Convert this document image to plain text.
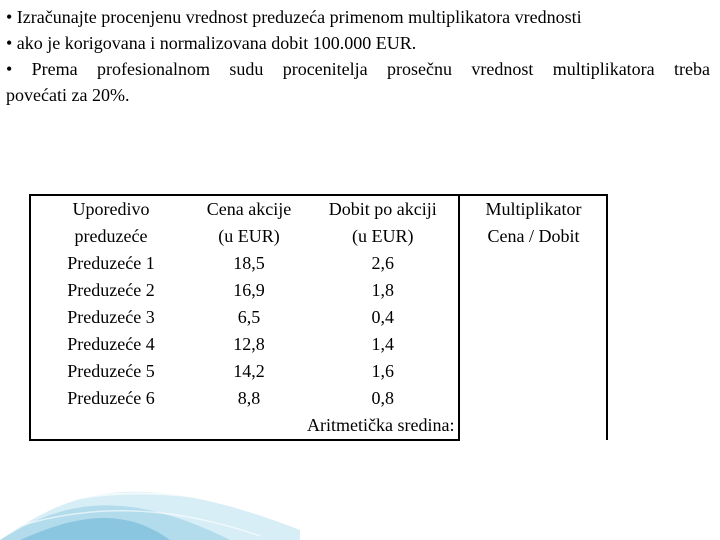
• Izračunajte procenjenu vrednost preduzeća primenom multiplikatora vrednosti

• ako je korigovana i normalizovana dobit 100.000 EUR.

• Prema profesionalnom sudu procenitelja prosečnu vrednost multiplikatora treba

povećati za 20%.

Uporedivo	Cena akcije	Dobit po akciji	Multiplikator
preduzeće	(u EUR)	(u EUR)	Cena / Dobit
Preduzeće 1	18,5	2,6	
Preduzeće 2	16,9	1,8	
Preduzeće 3	6,5	0,4	
Preduzeće 4	12,8	1,4	
Preduzeće 5	14,2	1,6	
Preduzeće 6	8,8	0,8	
		Aritmetička sredina:	
